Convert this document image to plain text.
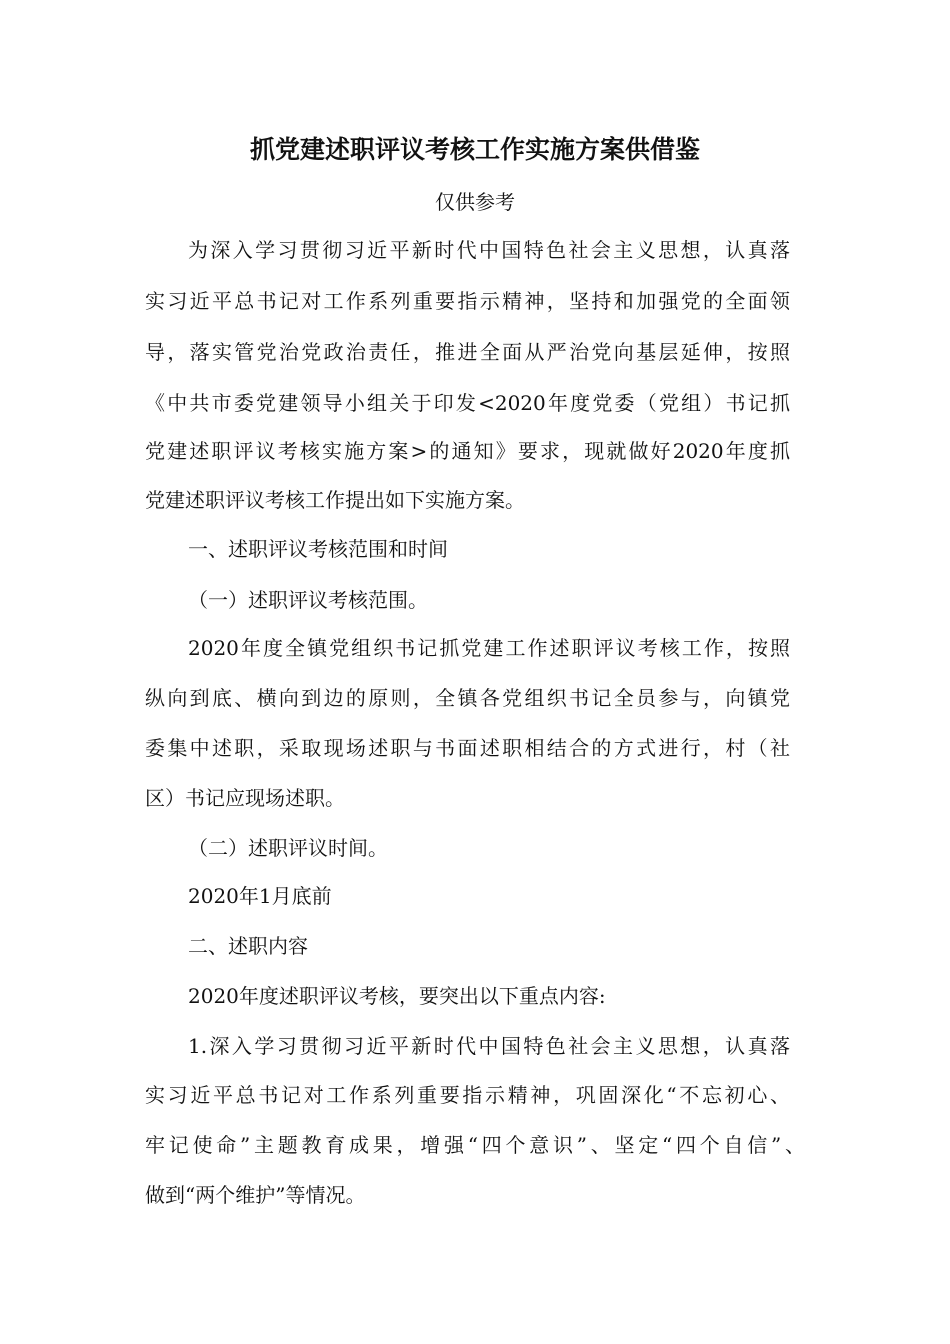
抓党建述职评议考核工作实施方案供借鉴
仅供参考
为深入学习贯彻习近平新时代中国特色社会主义思想，认真落
实习近平总书记对工作系列重要指示精神，坚持和加强党的全面领
导，落实管党治党政治责任，推进全面从严治党向基层延伸，按照
《中共市委党建领导小组关于印发<2020年度党委（党组）书记抓
党建述职评议考核实施方案>的通知》要求，现就做好2020年度抓
党建述职评议考核工作提出如下实施方案。
一、述职评议考核范围和时间
（一）述职评议考核范围。
2020年度全镇党组织书记抓党建工作述职评议考核工作，按照
纵向到底、横向到边的原则，全镇各党组织书记全员参与，向镇党
委集中述职，采取现场述职与书面述职相结合的方式进行，村（社
区）书记应现场述职。
（二）述职评议时间。
2020年1月底前
二、述职内容
2020年度述职评议考核，要突出以下重点内容:
1.深入学习贯彻习近平新时代中国特色社会主义思想，认真落
实习近平总书记对工作系列重要指示精神，巩固深化“不忘初心、
牢记使命”主题教育成果，增强“四个意识”、坚定“四个自信”、
做到“两个维护”等情况。
